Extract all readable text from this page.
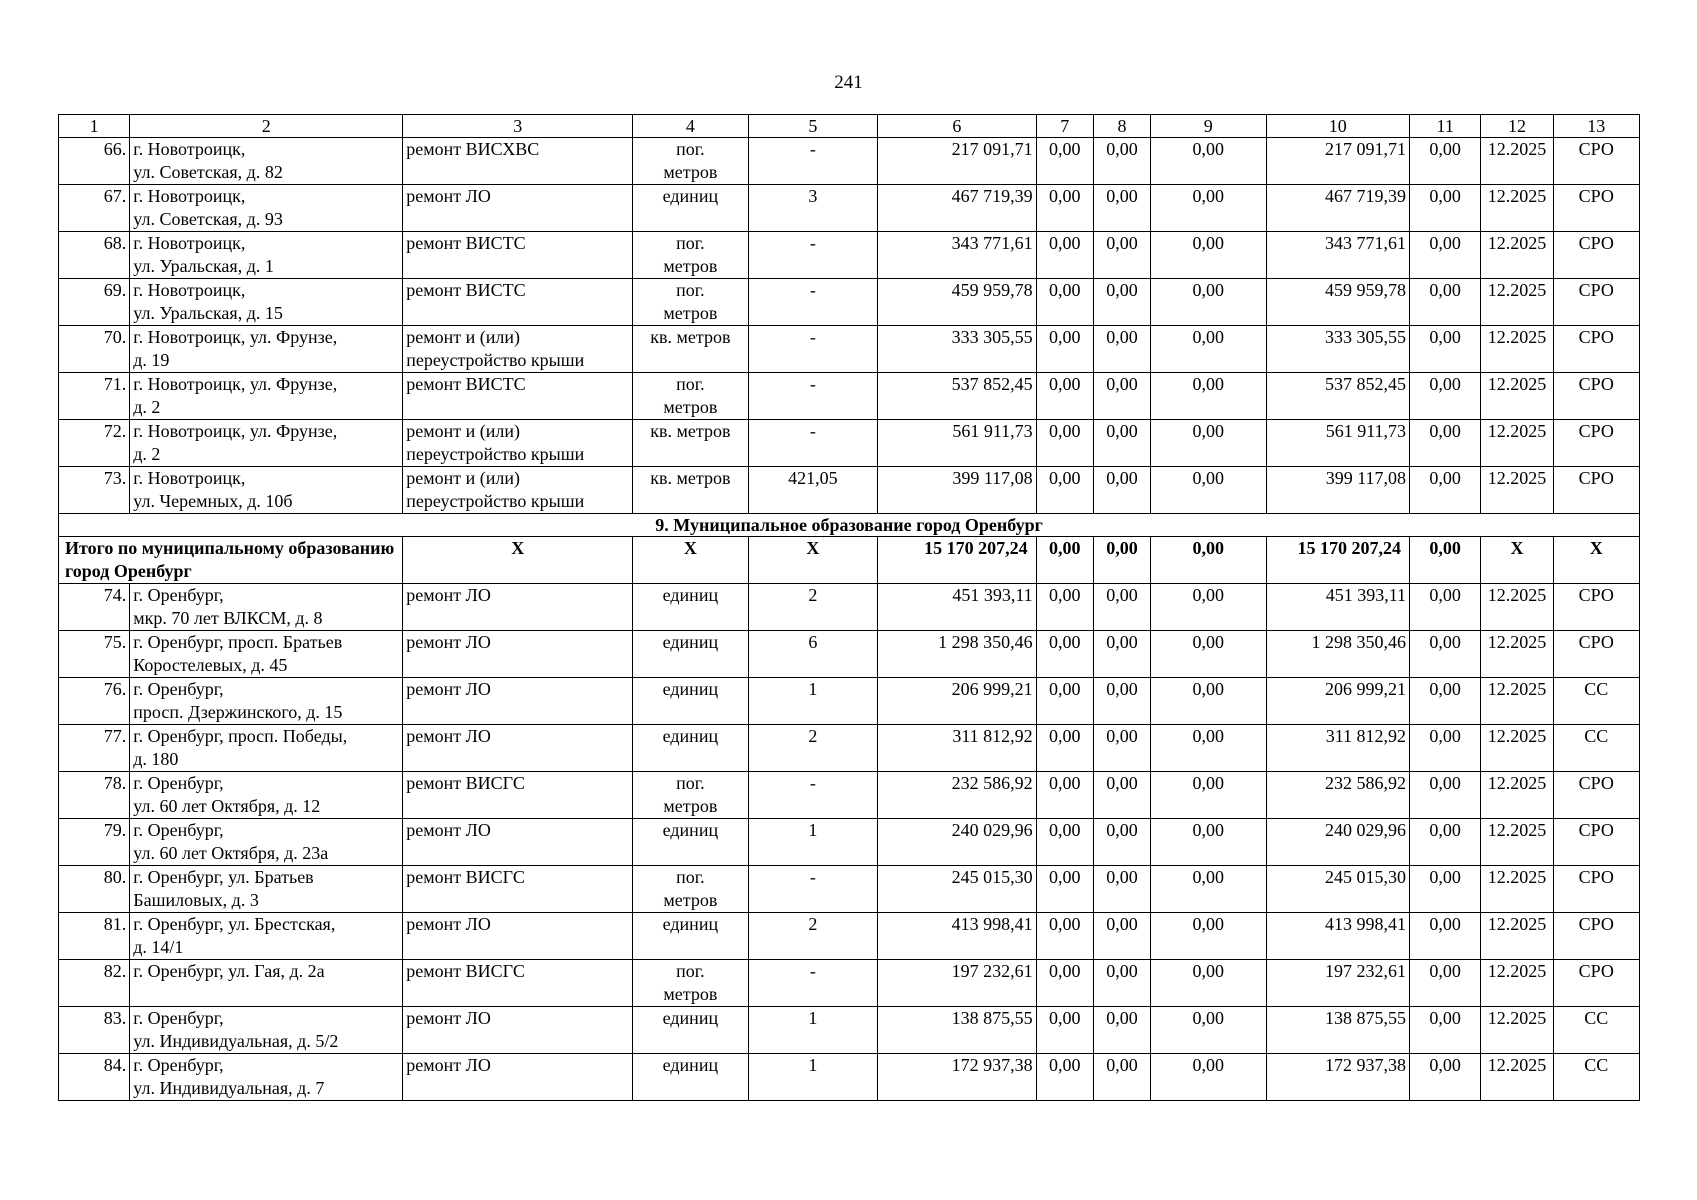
241
1	2	3	4	5	6	7	8	9	10	11	12	13
66.	г. Новотроицк,
ул. Советская, д. 82	ремонт ВИСХВС	пог.
метров	-	217 091,71	0,00	0,00	0,00	217 091,71	0,00	12.2025	СРО
67.	г. Новотроицк,
ул. Советская, д. 93	ремонт ЛО	единиц	3	467 719,39	0,00	0,00	0,00	467 719,39	0,00	12.2025	СРО
68.	г. Новотроицк,
ул. Уральская, д. 1	ремонт ВИСТС	пог.
метров	-	343 771,61	0,00	0,00	0,00	343 771,61	0,00	12.2025	СРО
69.	г. Новотроицк,
ул. Уральская, д. 15	ремонт ВИСТС	пог.
метров	-	459 959,78	0,00	0,00	0,00	459 959,78	0,00	12.2025	СРО
70.	г. Новотроицк, ул. Фрунзе,
д. 19	ремонт и (или)
переустройство крыши	кв. метров	-	333 305,55	0,00	0,00	0,00	333 305,55	0,00	12.2025	СРО
71.	г. Новотроицк, ул. Фрунзе,
д. 2	ремонт ВИСТС	пог.
метров	-	537 852,45	0,00	0,00	0,00	537 852,45	0,00	12.2025	СРО
72.	г. Новотроицк, ул. Фрунзе,
д. 2	ремонт и (или)
переустройство крыши	кв. метров	-	561 911,73	0,00	0,00	0,00	561 911,73	0,00	12.2025	СРО
73.	г. Новотроицк,
ул. Черемных, д. 10б	ремонт и (или)
переустройство крыши	кв. метров	421,05	399 117,08	0,00	0,00	0,00	399 117,08	0,00	12.2025	СРО
9. Муниципальное образование город Оренбург												
Итого по муниципальному образованию город Оренбург		X	X	X	15 170 207,24	0,00	0,00	0,00	15 170 207,24	0,00	X	X
74.	г. Оренбург,
мкр. 70 лет ВЛКСМ, д. 8	ремонт ЛО	единиц	2	451 393,11	0,00	0,00	0,00	451 393,11	0,00	12.2025	СРО
75.	г. Оренбург, просп. Братьев
Коростелевых, д. 45	ремонт ЛО	единиц	6	1 298 350,46	0,00	0,00	0,00	1 298 350,46	0,00	12.2025	СРО
76.	г. Оренбург,
просп. Дзержинского, д. 15	ремонт ЛО	единиц	1	206 999,21	0,00	0,00	0,00	206 999,21	0,00	12.2025	СС
77.	г. Оренбург, просп. Победы,
д. 180	ремонт ЛО	единиц	2	311 812,92	0,00	0,00	0,00	311 812,92	0,00	12.2025	СС
78.	г. Оренбург,
ул. 60 лет Октября, д. 12	ремонт ВИСГС	пог.
метров	-	232 586,92	0,00	0,00	0,00	232 586,92	0,00	12.2025	СРО
79.	г. Оренбург,
ул. 60 лет Октября, д. 23а	ремонт ЛО	единиц	1	240 029,96	0,00	0,00	0,00	240 029,96	0,00	12.2025	СРО
80.	г. Оренбург, ул. Братьев
Башиловых, д. 3	ремонт ВИСГС	пог.
метров	-	245 015,30	0,00	0,00	0,00	245 015,30	0,00	12.2025	СРО
81.	г. Оренбург, ул. Брестская,
д. 14/1	ремонт ЛО	единиц	2	413 998,41	0,00	0,00	0,00	413 998,41	0,00	12.2025	СРО
82.	г. Оренбург, ул. Гая, д. 2а	ремонт ВИСГС	пог.
метров	-	197 232,61	0,00	0,00	0,00	197 232,61	0,00	12.2025	СРО
83.	г. Оренбург,
ул. Индивидуальная, д. 5/2	ремонт ЛО	единиц	1	138 875,55	0,00	0,00	0,00	138 875,55	0,00	12.2025	СС
84.	г. Оренбург,
ул. Индивидуальная, д. 7	ремонт ЛО	единиц	1	172 937,38	0,00	0,00	0,00	172 937,38	0,00	12.2025	СС
